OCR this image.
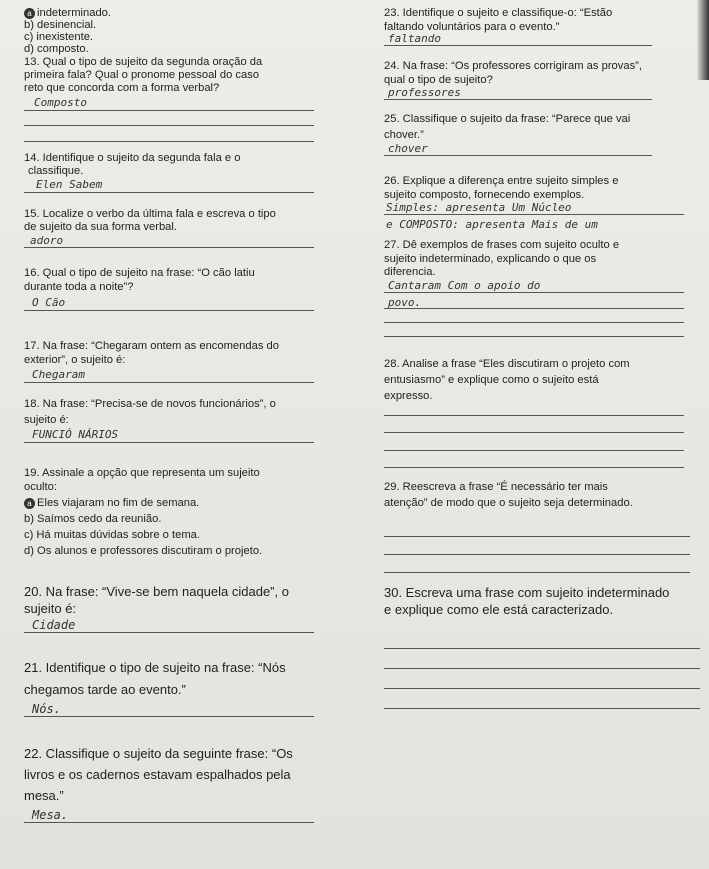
a indeterminado.
b) desinencial.
c) inexistente.
d) composto.
13. Qual o tipo de sujeito da segunda oração da
primeira fala? Qual o pronome pessoal do caso
reto que concorda com a forma verbal?
Composto
14. Identifique o sujeito da segunda fala e o
classifique.
Elen Sabem
15. Localize o verbo da última fala e escreva o tipo
de sujeito da sua forma verbal.
adoro
16. Qual o tipo de sujeito na frase: “O cão latiu
durante toda a noite”?
O Cão
17. Na frase: “Chegaram ontem as encomendas do
exterior”, o sujeito é:
Chegaram
18. Na frase: “Precisa-se de novos funcionários”, o
sujeito é:
FUNCIÓ NÁRIOS
19. Assinale a opção que representa um sujeito
oculto:
a Eles viajaram no fim de semana.
b) Saímos cedo da reunião.
c) Há muitas dúvidas sobre o tema.
d) Os alunos e professores discutiram o projeto.
20. Na frase: “Vive-se bem naquela cidade”, o
sujeito é:
Cidade
21. Identifique o tipo de sujeito na frase: “Nós
chegamos tarde ao evento.”
Nós.
22. Classifique o sujeito da seguinte frase: “Os
livros e os cadernos estavam espalhados pela
mesa.”
Mesa.
23. Identifique o sujeito e classifique-o: “Estão
faltando voluntários para o evento.”
faltando
24. Na frase: “Os professores corrigiram as provas”,
qual o tipo de sujeito?
professores
25. Classifique o sujeito da frase: “Parece que vai
chover.”
chover
26. Explique a diferença entre sujeito simples e
sujeito composto, fornecendo exemplos.
Simples: apresenta Um Núcleo
e COMPOSTO: apresenta Mais de um
27. Dê exemplos de frases com sujeito oculto e
sujeito indeterminado, explicando o que os
diferencia.
Cantaram Com o apoio do
povo.
28. Analise a frase “Eles discutiram o projeto com
entusiasmo” e explique como o sujeito está
expresso.
29. Reescreva a frase “É necessário ter mais
atenção” de modo que o sujeito seja determinado.
30. Escreva uma frase com sujeito indeterminado
e explique como ele está caracterizado.
